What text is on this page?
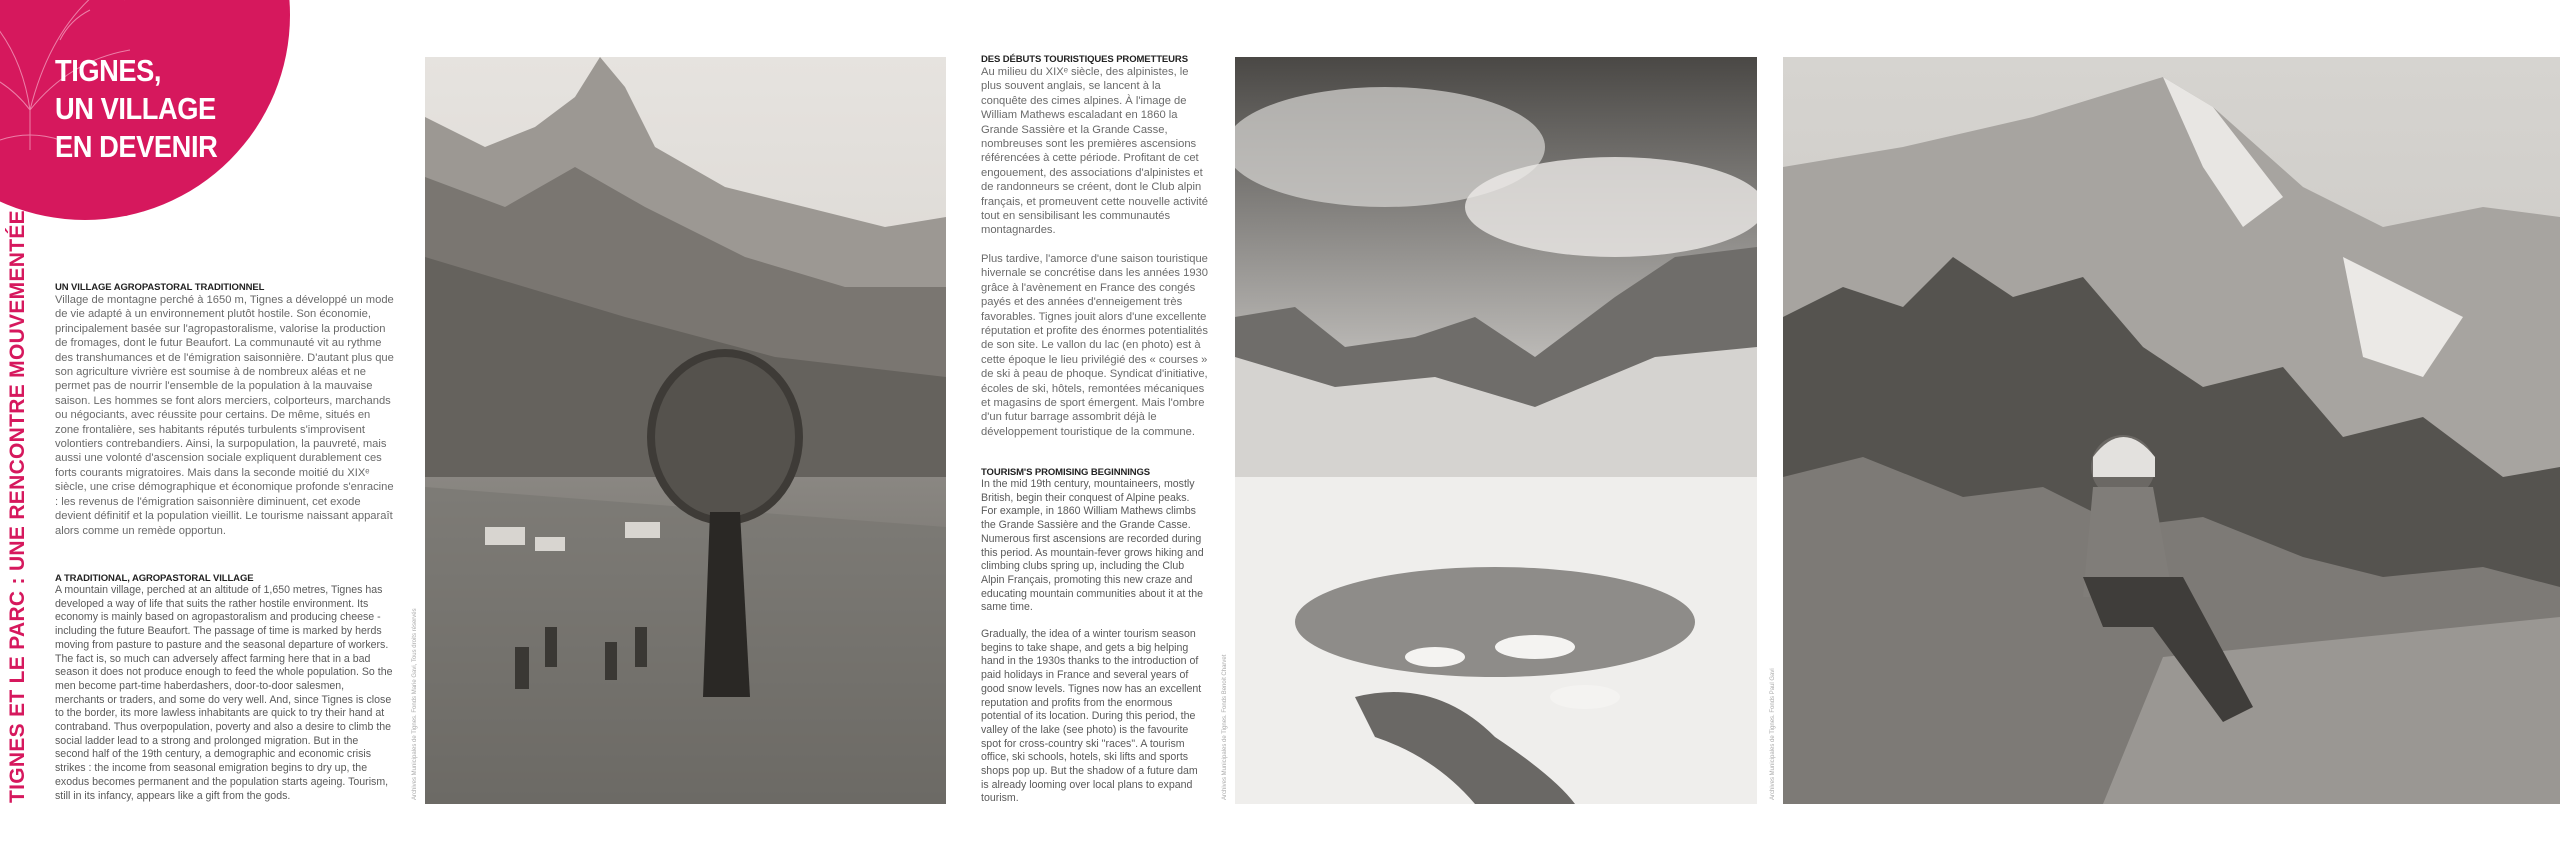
TIGNES,
UN VILLAGE
EN DEVENIR
TIGNES ET LE PARC : UNE RENCONTRE MOUVEMENTÉE	UN VILLAGE AGROPASTORAL TRADITIONNEL
Village de montagne perché à 1650 m, Tignes a développé un mode de vie adapté à un environnement plutôt hostile. Son économie, principalement basée sur l'agropastoralisme, valorise la production de fromages, dont le futur Beaufort. La communauté vit au rythme des transhumances et de l'émigration saisonnière. D'autant plus que son agriculture vivrière est soumise à de nombreux aléas et ne permet pas de nourrir l'ensemble de la population à la mauvaise saison. Les hommes se font alors merciers, colporteurs, marchands ou négociants, avec réussite pour certains. De même, situés en zone frontalière, ses habitants réputés turbulents s'improvisent volontiers contrebandiers. Ainsi, la surpopulation, la pauvreté, mais aussi une volonté d'ascension sociale expliquent durablement ces forts courants migratoires. Mais dans la seconde moitié du XIXᵉ siècle, une crise démographique et économique profonde s'enracine : les revenus de l'émigration saisonnière diminuent, cet exode devient définitif et la population vieillit. Le tourisme naissant apparaît alors comme un remède opportun.
A TRADITIONAL, AGROPASTORAL VILLAGE
A mountain village, perched at an altitude of 1,650 metres, Tignes has developed a way of life that suits the rather hostile environment. Its economy is mainly based on agropastoralism and producing cheese - including the future Beaufort. The passage of time is marked by herds moving from pasture to pasture and the seasonal departure of workers. The fact is, so much can adversely affect farming here that in a bad season it does not produce enough to feed the whole population. So the men become part-time haberdashers, door-to-door salesmen, merchants or traders, and some do very well. And, since Tignes is close to the border, its more lawless inhabitants are quick to try their hand at contraband. Thus overpopulation, poverty and also a desire to climb the social ladder lead to a strong and prolonged migration. But in the second half of the 19th century, a demographic and economic crisis strikes : the income from seasonal emigration begins to dry up, the exodus becomes permanent and the population starts ageing. Tourism, still in its infancy, appears like a gift from the gods.	Archives Municipales de Tignes. Fonds Marie Gavi, Tous droits réservés
DES DÉBUTS TOURISTIQUES PROMETTEURS
Au milieu du XIXᵉ siècle, des alpinistes, le plus souvent anglais, se lancent à la conquête des cimes alpines. À l'image de William Mathews escaladant en 1860 la Grande Sassière et la Grande Casse, nombreuses sont les premières ascensions référencées à cette période. Profitant de cet engouement, des associations d'alpinistes et de randonneurs se créent, dont le Club alpin français, et promeuvent cette nouvelle activité tout en sensibilisant les communautés montagnardes.
Plus tardive, l'amorce d'une saison touristique hivernale se concrétise dans les années 1930 grâce à l'avènement en France des congés payés et des années d'enneigement très favorables. Tignes jouit alors d'une excellente réputation et profite des énormes potentialités de son site. Le vallon du lac (en photo) est à cette époque le lieu privilégié des « courses » de ski à peau de phoque. Syndicat d'initiative, écoles de ski, hôtels, remontées mécaniques et magasins de sport émergent. Mais l'ombre d'un futur barrage assombrit déjà le développement touristique de la commune.
TOURISM'S PROMISING BEGINNINGS
In the mid 19th century, mountaineers, mostly British, begin their conquest of Alpine peaks. For example, in 1860 William Mathews climbs the Grande Sassière and the Grande Casse. Numerous first ascensions are recorded during this period. As mountain-fever grows hiking and climbing clubs spring up, including the Club Alpin Français, promoting this new craze and educating mountain communities about it at the same time.
Gradually, the idea of a winter tourism season begins to take shape, and gets a big helping hand in the 1930s thanks to the introduction of paid holidays in France and several years of good snow levels. Tignes now has an excellent reputation and profits from the enormous potential of its location. During this period, the valley of the lake (see photo) is the favourite spot for cross-country ski "races". A tourism office, ski schools, hotels, ski lifts and sports shops pop up. But the shadow of a future dam is already looming over local plans to expand tourism.	Archives Municipales de Tignes. Fonds Benoit Charvet	Archives Municipales de Tignes. Fonds Paul Gavi
